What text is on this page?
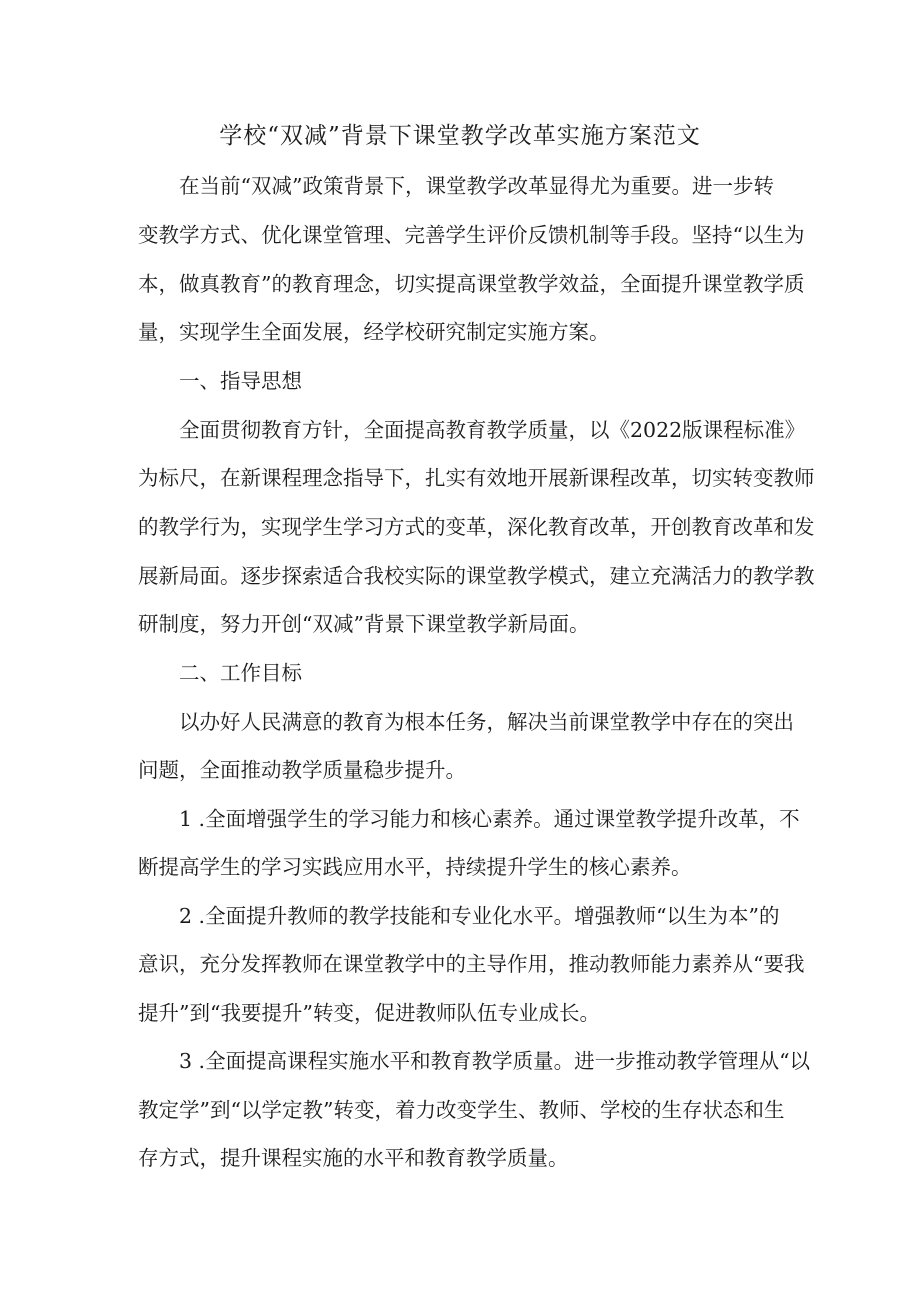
学校“双减”背景下课堂教学改革实施方案范文
在当前“双减”政策背景下，课堂教学改革显得尤为重要。进一步转
变教学方式、优化课堂管理、完善学生评价反馈机制等手段。坚持“以生为
本，做真教育”的教育理念，切实提高课堂教学效益，全面提升课堂教学质
量，实现学生全面发展，经学校研究制定实施方案。
一、指导思想
全面贯彻教育方针，全面提高教育教学质量，以《2022版课程标准》
为标尺，在新课程理念指导下，扎实有效地开展新课程改革，切实转变教师
的教学行为，实现学生学习方式的变革，深化教育改革，开创教育改革和发
展新局面。逐步探索适合我校实际的课堂教学模式，建立充满活力的教学教
研制度，努力开创“双减”背景下课堂教学新局面。
二、工作目标
以办好人民满意的教育为根本任务，解决当前课堂教学中存在的突出
问题，全面推动教学质量稳步提升。
1 .全面增强学生的学习能力和核心素养。通过课堂教学提升改革，不
断提高学生的学习实践应用水平，持续提升学生的核心素养。
2 .全面提升教师的教学技能和专业化水平。增强教师“以生为本”的
意识，充分发挥教师在课堂教学中的主导作用，推动教师能力素养从“要我
提升”到“我要提升”转变，促进教师队伍专业成长。
3 .全面提高课程实施水平和教育教学质量。进一步推动教学管理从“以
教定学”到“以学定教”转变，着力改变学生、教师、学校的生存状态和生
存方式，提升课程实施的水平和教育教学质量。
